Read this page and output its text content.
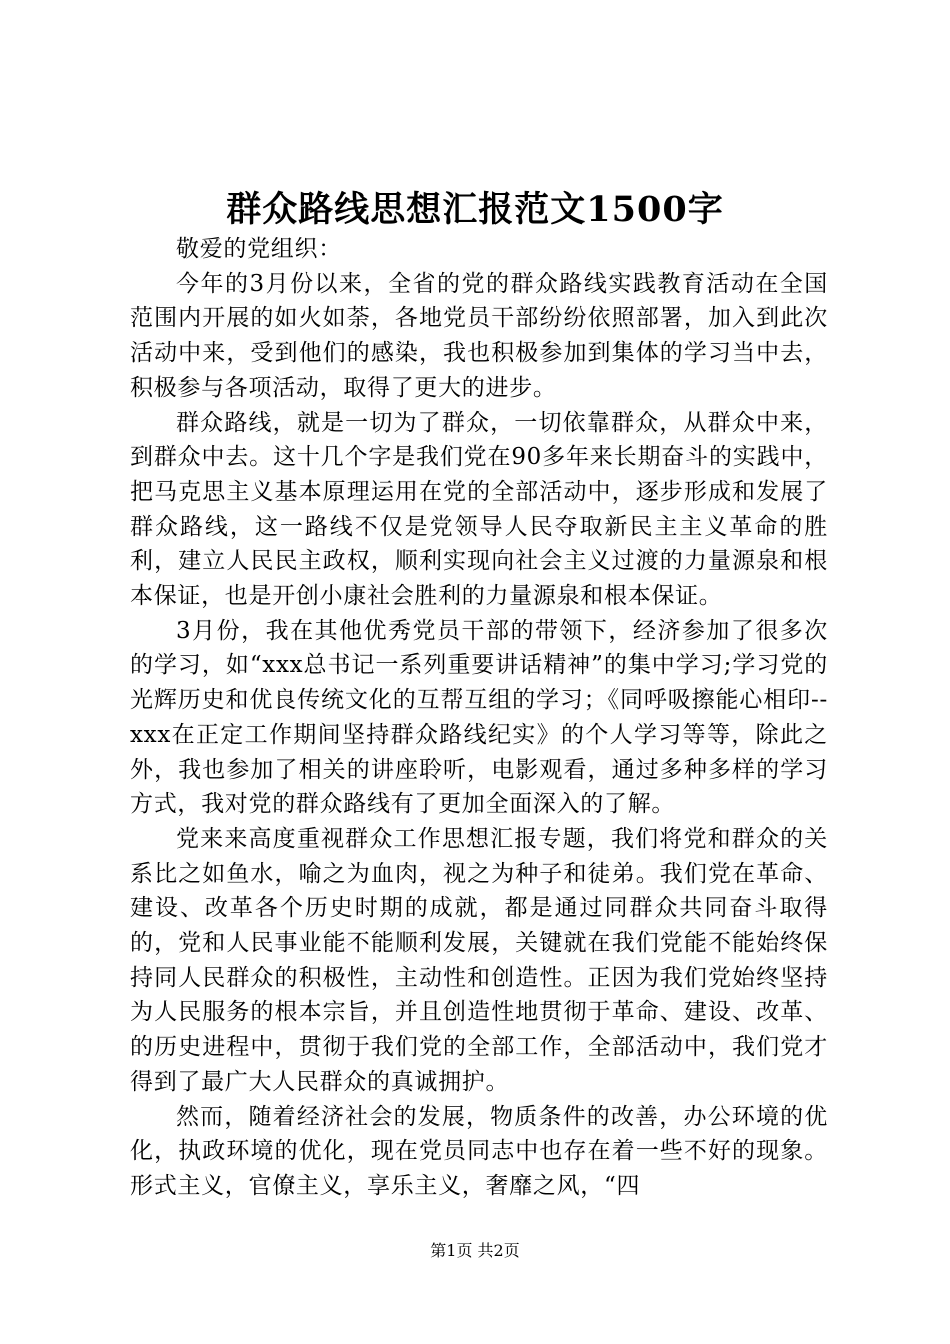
群众路线思想汇报范文1500字

敬爱的党组织：

今年的3月份以来，全省的党的群众路线实践教育活动在全国范围内开展的如火如荼，各地党员干部纷纷依照部署，加入到此次活动中来，受到他们的感染，我也积极参加到集体的学习当中去，积极参与各项活动，取得了更大的进步。

群众路线，就是一切为了群众，一切依靠群众，从群众中来，到群众中去。这十几个字是我们党在90多年来长期奋斗的实践中，把马克思主义基本原理运用在党的全部活动中，逐步形成和发展了群众路线，这一路线不仅是党领导人民夺取新民主主义革命的胜利，建立人民民主政权，顺利实现向社会主义过渡的力量源泉和根本保证，也是开创小康社会胜利的力量源泉和根本保证。

3月份，我在其他优秀党员干部的带领下，经济参加了很多次的学习，如“xxx总书记一系列重要讲话精神”的集中学习;学习党的光辉历史和优良传统文化的互帮互组的学习；《同呼吸擦能心相印--xxx在正定工作期间坚持群众路线纪实》的个人学习等等，除此之外，我也参加了相关的讲座聆听，电影观看，通过多种多样的学习方式，我对党的群众路线有了更加全面深入的了解。

党来来高度重视群众工作思想汇报专题，我们将党和群众的关系比之如鱼水，喻之为血肉，视之为种子和徒弟。我们党在革命、建设、改革各个历史时期的成就，都是通过同群众共同奋斗取得的，党和人民事业能不能顺利发展，关键就在我们党能不能始终保持同人民群众的积极性，主动性和创造性。正因为我们党始终坚持为人民服务的根本宗旨，并且创造性地贯彻于革命、建设、改革、的历史进程中，贯彻于我们党的全部工作，全部活动中，我们党才得到了最广大人民群众的真诚拥护。

然而，随着经济社会的发展，物质条件的改善，办公环境的优化，执政环境的优化，现在党员同志中也存在着一些不好的现象。形式主义，官僚主义，享乐主义，奢靡之风，“四

第1页 共2页
